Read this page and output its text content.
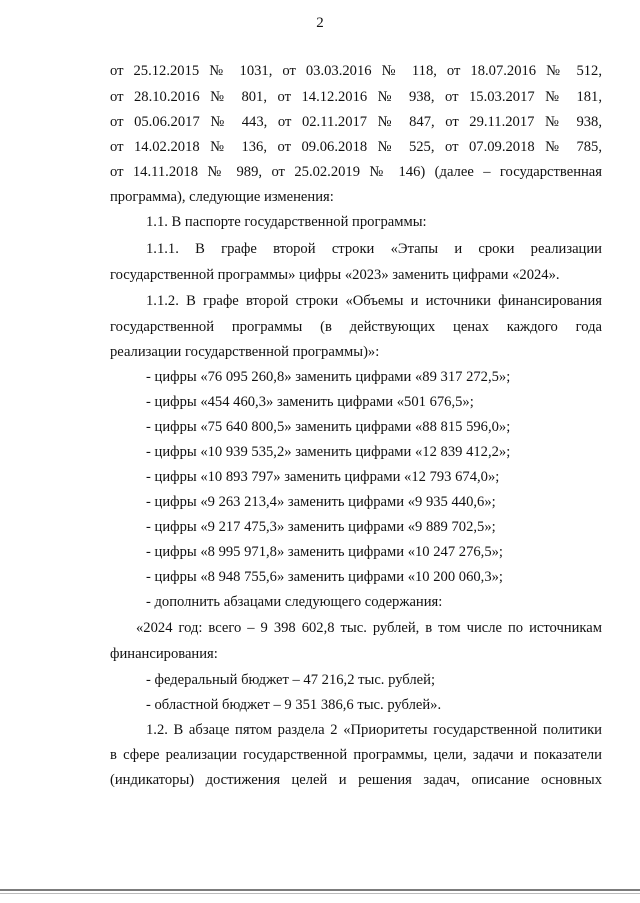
2
от 25.12.2015 № 1031, от 03.03.2016 № 118, от 18.07.2016 № 512,
от 28.10.2016 № 801, от 14.12.2016 № 938, от 15.03.2017 № 181,
от 05.06.2017 № 443, от 02.11.2017 № 847, от 29.11.2017 № 938,
от 14.02.2018 № 136, от 09.06.2018 № 525, от 07.09.2018 № 785,
от 14.11.2018 № 989, от 25.02.2019 № 146) (далее – государственная
программа), следующие изменения:
1.1. В паспорте государственной программы:
1.1.1. В графе второй строки «Этапы и сроки реализации
государственной программы» цифры «2023» заменить цифрами «2024».
1.1.2. В графе второй строки «Объемы и источники финансирования
государственной программы (в действующих ценах каждого года
реализации государственной программы)»:
- цифры «76 095 260,8» заменить цифрами «89 317 272,5»;
- цифры «454 460,3» заменить цифрами «501 676,5»;
- цифры «75 640 800,5» заменить цифрами «88 815 596,0»;
- цифры «10 939 535,2» заменить цифрами «12 839 412,2»;
- цифры «10 893 797» заменить цифрами «12 793 674,0»;
- цифры «9 263 213,4» заменить цифрами «9 935 440,6»;
- цифры «9 217 475,3» заменить цифрами «9 889 702,5»;
- цифры «8 995 971,8» заменить цифрами «10 247 276,5»;
- цифры «8 948 755,6» заменить цифрами «10 200 060,3»;
- дополнить абзацами следующего содержания:
«2024 год: всего – 9 398 602,8 тыс. рублей, в том числе по источникам
финансирования:
- федеральный бюджет – 47 216,2 тыс. рублей;
- областной бюджет – 9 351 386,6 тыс. рублей».
1.2. В абзаце пятом раздела 2 «Приоритеты государственной политики
в сфере реализации государственной программы, цели, задачи и показатели
(индикаторы) достижения целей и решения задач, описание основных
